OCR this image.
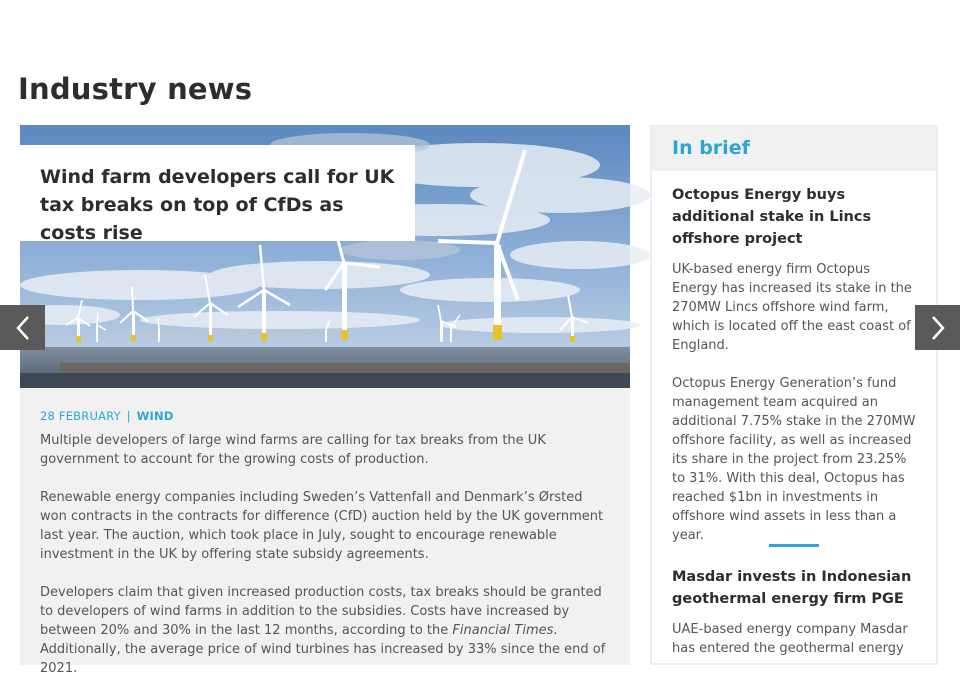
Industry news
Wind farm developers call for UK tax breaks on top of CfDs as costs rise
28 FEBRUARY | WIND

Multiple developers of large wind farms are calling for tax breaks from the UK government to account for the growing costs of production.

Renewable energy companies including Sweden’s Vattenfall and Denmark’s Ørsted won contracts in the contracts for difference (CfD) auction held by the UK government last year. The auction, which took place in July, sought to encourage renewable investment in the UK by offering state subsidy agreements.

Developers claim that given increased production costs, tax breaks should be granted to developers of wind farms in addition to the subsidies. Costs have increased by between 20% and 30% in the last 12 months, according to the Financial Times. Additionally, the average price of wind turbines has increased by 33% since the end of 2021.

In brief
Octopus Energy buys additional stake in Lincs offshore project

UK-based energy firm Octopus Energy has increased its stake in the 270MW Lincs offshore wind farm, which is located off the east coast of England.

Octopus Energy Generation’s fund management team acquired an additional 7.75% stake in the 270MW offshore facility, as well as increased its share in the project from 23.25% to 31%. With this deal, Octopus has reached $1bn in investments in offshore wind assets in less than a year.

Masdar invests in Indonesian geothermal energy firm PGE

UAE-based energy company Masdar has entered the geothermal energy
